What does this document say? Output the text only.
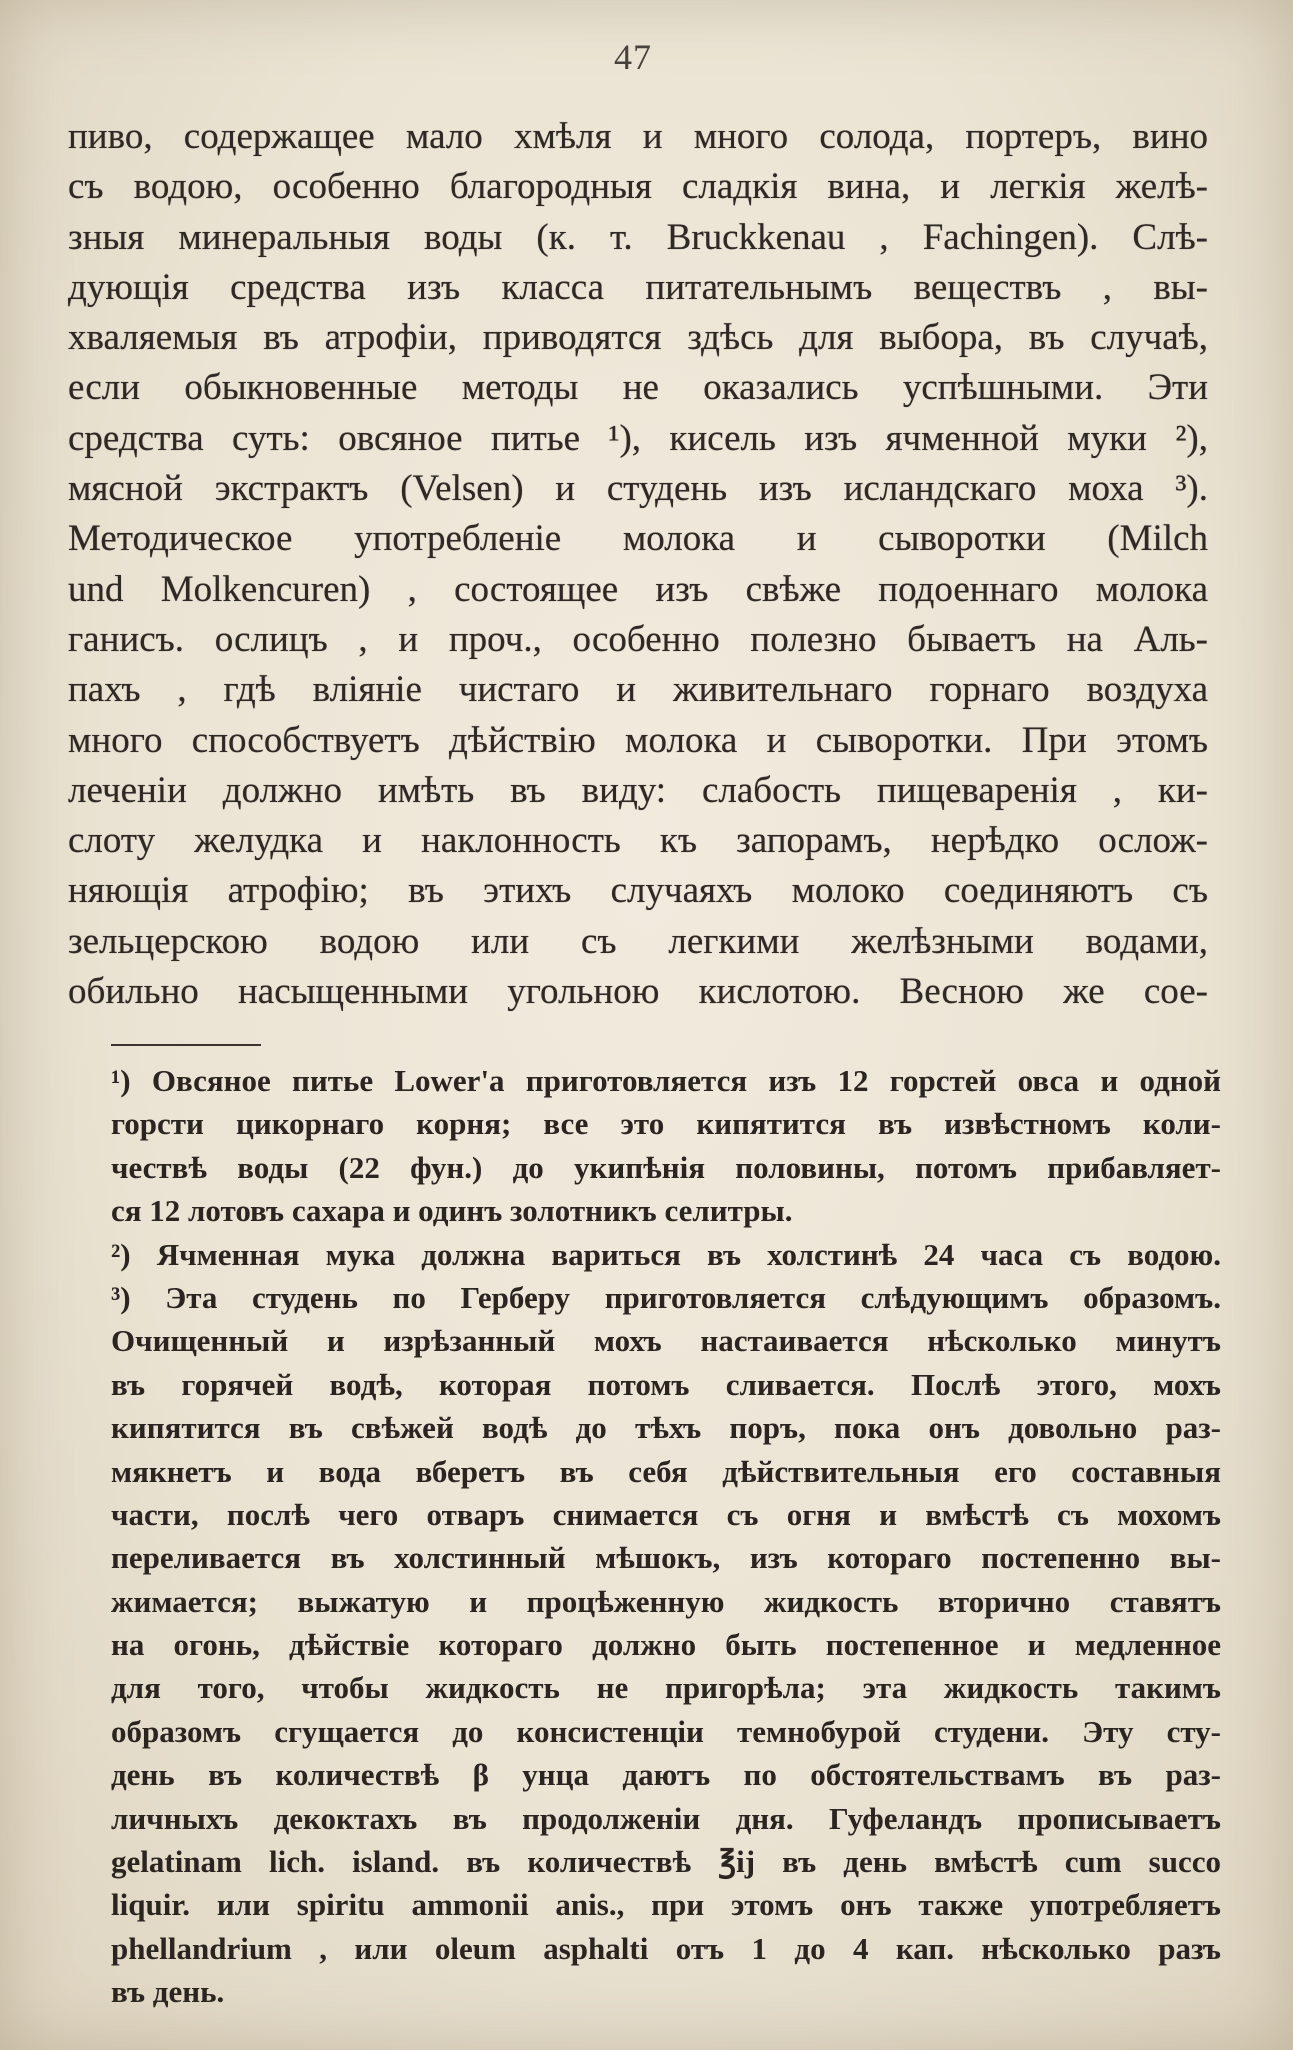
47
пиво, содержащее мало хмѣля и много солода, портеръ, вино
съ водою, особенно благородныя сладкія вина, и легкія желѣ-
зныя минеральныя воды (к. т. Bruckkenau , Fachingen). Слѣ-
дующія средства изъ класса питательнымъ веществъ , вы-
хваляемыя въ атрофіи, приводятся здѣсь для выбора, въ случаѣ,
если обыкновенные методы не оказались успѣшными. Эти
средства суть: овсяное питье ¹), кисель изъ ячменной муки ²),
мясной экстрактъ (Velsen) и студень изъ исландскаго моха ³).
Методическое употребленіе молока и сыворотки (Milch
und Molkencuren) , состоящее изъ свѣже подоеннаго молока
ганисъ. ослицъ , и проч., особенно полезно бываетъ на Аль-
пахъ , гдѣ вліяніе чистаго и живительнаго горнаго воздуха
много способствуетъ дѣйствію молока и сыворотки. При этомъ
леченіи должно имѣть въ виду: слабость пищеваренія , ки-
слоту желудка и наклонность къ запорамъ, нерѣдко ослож-
няющія атрофію; въ этихъ случаяхъ молоко соединяютъ съ
зельцерскою водою или съ легкими желѣзными водами,
обильно насыщенными угольною кислотою. Весною же сое-
¹) Овсяное питье Lower'а приготовляется изъ 12 горстей овса и одной
горсти цикорнаго корня; все это кипятится въ извѣстномъ коли-
чествѣ воды (22 фун.) до укипѣнія половины, потомъ прибавляет-
ся 12 лотовъ сахара и одинъ золотникъ селитры.
²) Ячменная мука должна вариться въ холстинѣ 24 часа съ водою.
³) Эта студень по Герберу приготовляется слѣдующимъ образомъ.
Очищенный и изрѣзанный мохъ настаивается нѣсколько минутъ
въ горячей водѣ, которая потомъ сливается. Послѣ этого, мохъ
кипятится въ свѣжей водѣ до тѣхъ поръ, пока онъ довольно раз-
мякнетъ и вода вберетъ въ себя дѣйствительныя его составныя
части, послѣ чего отваръ снимается съ огня и вмѣстѣ съ мохомъ
переливается въ холстинный мѣшокъ, изъ котораго постепенно вы-
жимается; выжатую и процѣженную жидкость вторично ставятъ
на огонь, дѣйствіе котораго должно быть постепенное и медленное
для того, чтобы жидкость не пригорѣла; эта жидкость такимъ
образомъ сгущается до консистенціи темнобурой студени. Эту сту-
день въ количествѣ β унца даютъ по обстоятельствамъ въ раз-
личныхъ декоктахъ въ продолженіи дня. Гуфеландъ прописываетъ
gelatinam lich. island. въ количествѣ ℥ij въ день вмѣстѣ cum succo
liquir. или spiritu ammonii anis., при этомъ онъ также употребляетъ
phellandrium , или oleum asphalti отъ 1 до 4 кап. нѣсколько разъ
въ день.
